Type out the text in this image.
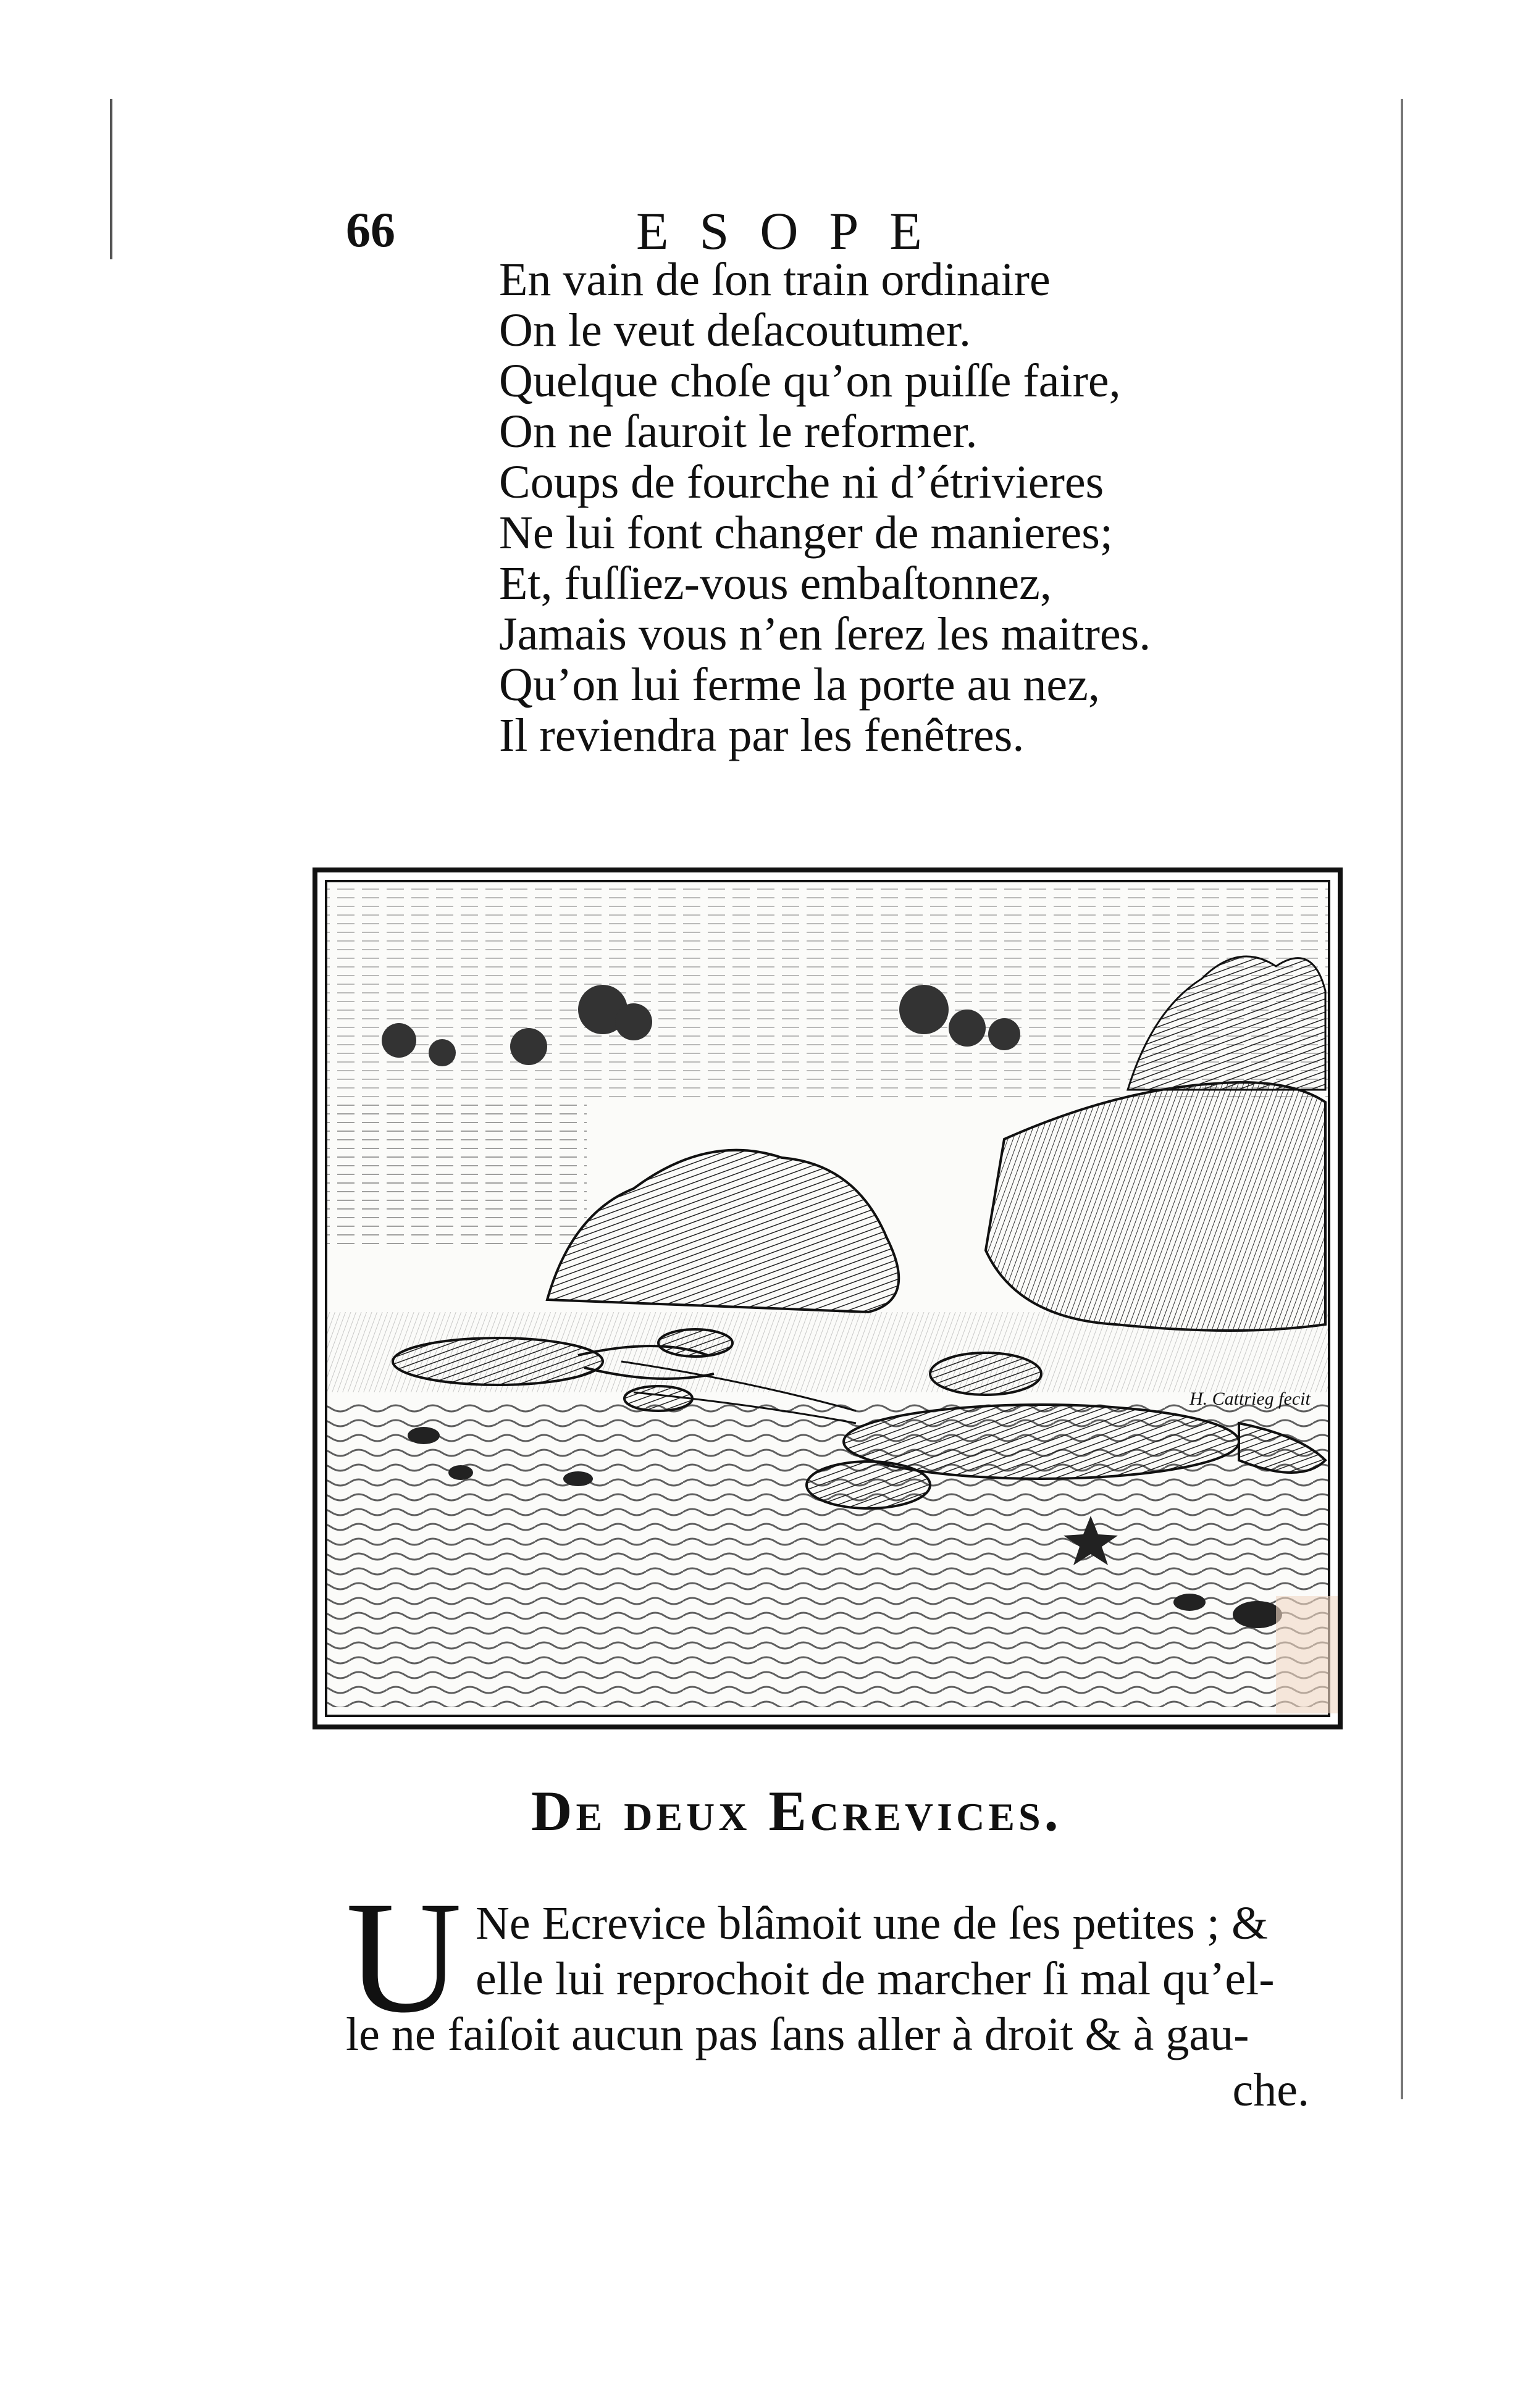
66	ESOPE
En vain de ſon train ordinaire
On le veut deſacoutumer.
Quelque choſe qu’on puiſſe faire,
On ne ſauroit le reformer.
Coups de fourche ni d’étrivieres
Ne lui font changer de manieres;
Et, fuſſiez-vous embaſtonnez,
Jamais vous n’en ſerez les maitres.
Qu’on lui ferme la porte au nez,
Il reviendra par les fenêtres.
H. Cattrieg fecit
De deux Ecrevices.
U Ne Ecrevice blâmoit une de ſes petites ; &
elle lui reprochoit de marcher ſi mal qu’el-
le ne faiſoit aucun pas ſans aller à droit & à gau-
che.
